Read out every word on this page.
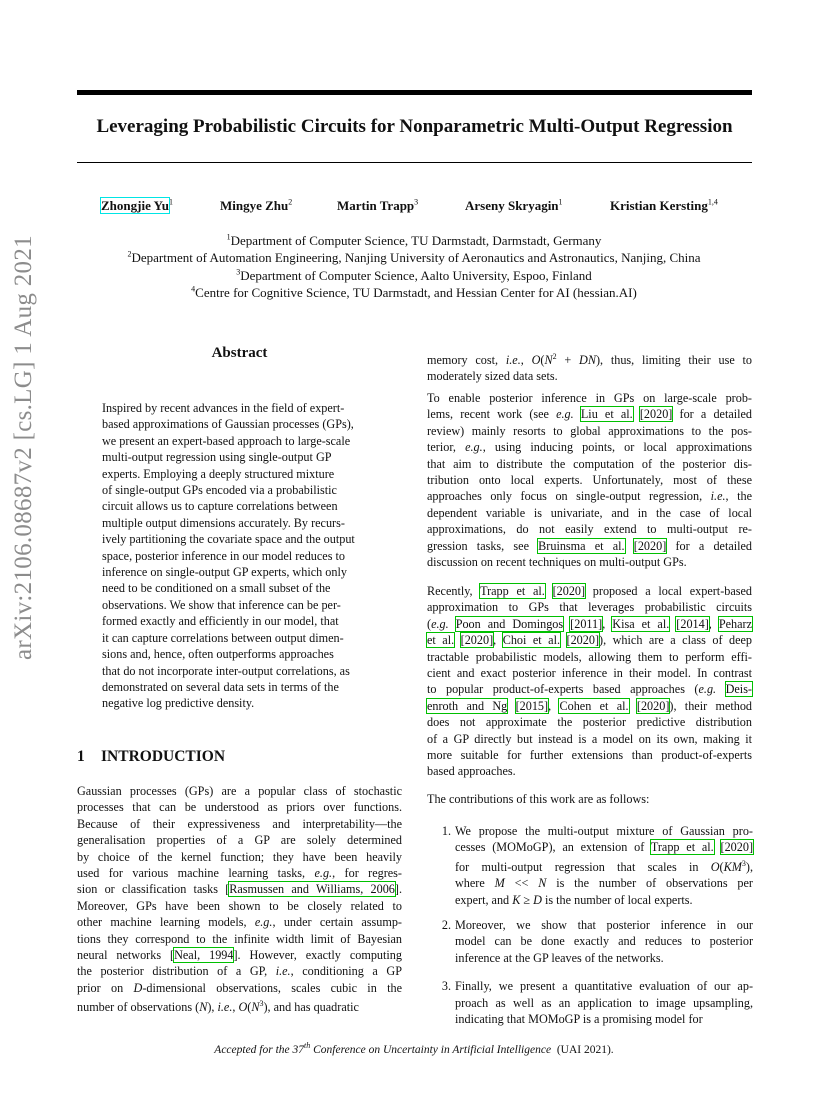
Leveraging Probabilistic Circuits for Nonparametric Multi-Output Regression
Zhongjie Yu$^1$	Mingye Zhu$^2$	Martin Trapp$^3$	Arseny Skryagin$^1$	Kristian Kersting$^{1,4}$
$^1$Department of Computer Science, TU Darmstadt, Darmstadt, Germany
$^2$Department of Automation Engineering, Nanjing University of Aeronautics and Astronautics, Nanjing, China
$^3$Department of Computer Science, Aalto University, Espoo, Finland
$^4$Centre for Cognitive Science, TU Darmstadt, and Hessian Center for AI (hessian.AI)
arXiv:2106.08687v2 [cs.LG] 1 Aug 2021	Abstract
Inspired by recent advances in the field of expert-
based approximations of Gaussian processes (GPs),
we present an expert-based approach to large-scale
multi-output regression using single-output GP
experts. Employing a deeply structured mixture
of single-output GPs encoded via a probabilistic
circuit allows us to capture correlations between
multiple output dimensions accurately. By recurs-
ively partitioning the covariate space and the output
space, posterior inference in our model reduces to
inference on single-output GP experts, which only
need to be conditioned on a small subset of the
observations. We show that inference can be per-
formed exactly and efficiently in our model, that
it can capture correlations between output dimen-
sions and, hence, often outperforms approaches
that do not incorporate inter-output correlations, as
demonstrated on several data sets in terms of the
negative log predictive density.
1 INTRODUCTION
Gaussian processes (GPs) are a popular class of stochastic
processes that can be understood as priors over functions.
Because of their expressiveness and interpretability—the
generalisation properties of a GP are solely determined
by choice of the kernel function; they have been heavily
used for various machine learning tasks, e.g., for regres-
sion or classification tasks [Rasmussen and Williams, 2006].
Moreover, GPs have been shown to be closely related to
other machine learning models, e.g., under certain assump-
tions they correspond to the infinite width limit of Bayesian
neural networks [Neal, 1994]. However, exactly computing
the posterior distribution of a GP, i.e., conditioning a GP
prior on D-dimensional observations, scales cubic in the
number of observations (N), i.e., $O(N^3)$, and has quadratic
memory cost, i.e., $O(N^2 + DN)$, thus, limiting their use to
moderately sized data sets.
To enable posterior inference in GPs on large-scale prob-
lems, recent work (see e.g. Liu et al. [2020] for a detailed
review) mainly resorts to global approximations to the pos-
terior, e.g., using inducing points, or local approximations
that aim to distribute the computation of the posterior dis-
tribution onto local experts. Unfortunately, most of these
approaches only focus on single-output regression, i.e., the
dependent variable is univariate, and in the case of local
approximations, do not easily extend to multi-output re-
gression tasks, see Bruinsma et al. [2020] for a detailed
discussion on recent techniques on multi-output GPs.
Recently, Trapp et al. [2020] proposed a local expert-based
approximation to GPs that leverages probabilistic circuits
(e.g. Poon and Domingos [2011], Kisa et al. [2014], Peharz
et al. [2020], Choi et al. [2020]), which are a class of deep
tractable probabilistic models, allowing them to perform effi-
cient and exact posterior inference in their model. In contrast
to popular product-of-experts based approaches (e.g. Deis-
enroth and Ng [2015], Cohen et al. [2020]), their method
does not approximate the posterior predictive distribution
of a GP directly but instead is a model on its own, making it
more suitable for further extensions than product-of-experts
based approaches.
The contributions of this work are as follows:
1. We propose the multi-output mixture of Gaussian pro-
cesses (MOMoGP), an extension of Trapp et al. [2020]
for multi-output regression that scales in $O(KM^3)$,
where M << N is the number of observations per
expert, and K ≥ D is the number of local experts.
2. Moreover, we show that posterior inference in our
model can be done exactly and reduces to posterior
inference at the GP leaves of the networks.
3. Finally, we present a quantitative evaluation of our ap-
proach as well as an application to image upsampling,
indicating that MOMoGP is a promising model for
Accepted for the 37th Conference on Uncertainty in Artificial Intelligence (UAI 2021).
